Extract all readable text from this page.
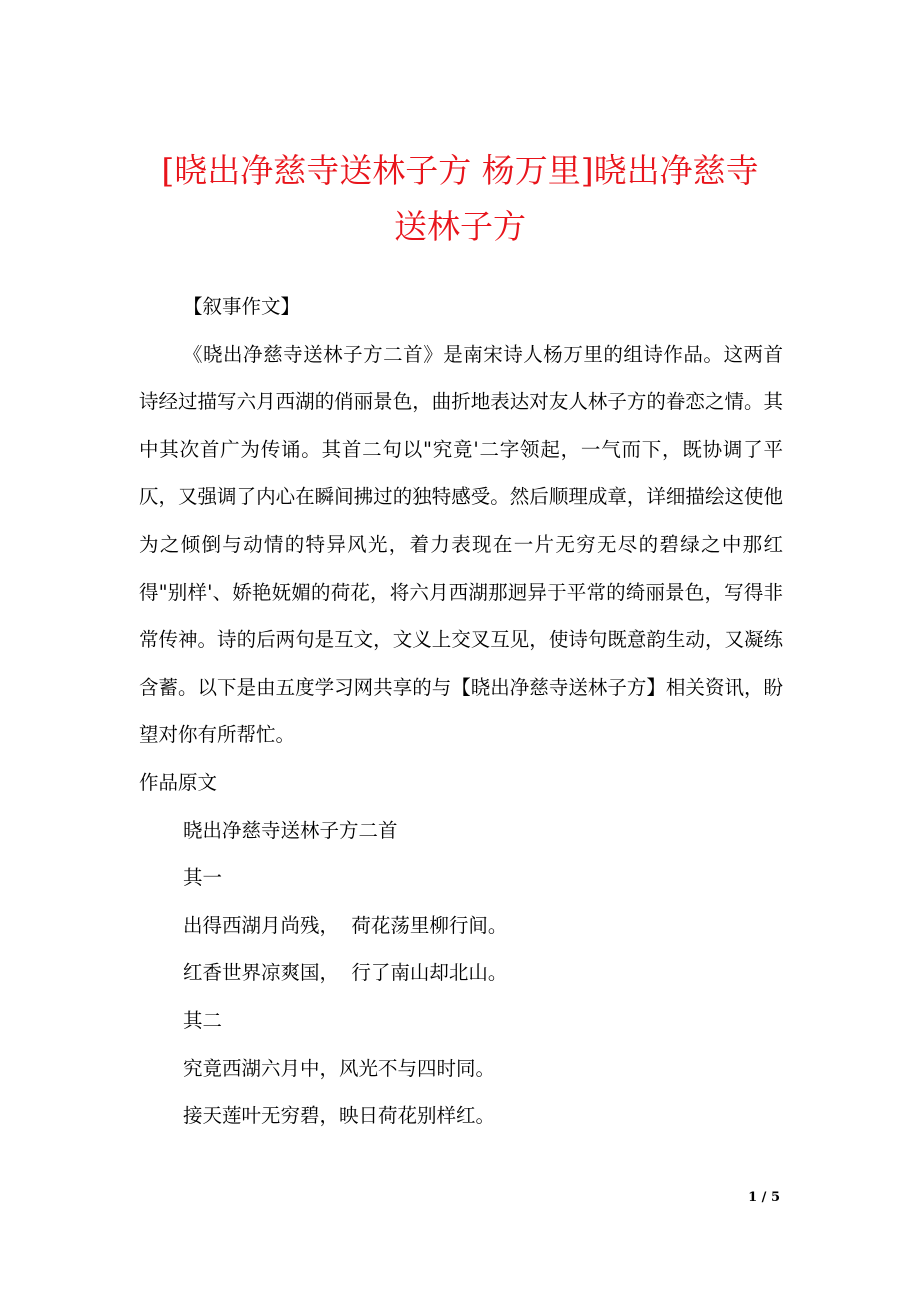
[晓出净慈寺送林子方 杨万里]晓出净慈寺
送林子方

【叙事作文】

《晓出净慈寺送林子方二首》是南宋诗人杨万里的组诗作品。这两首诗经过描写六月西湖的俏丽景色，曲折地表达对友人林子方的眷恋之情。其中其次首广为传诵。其首二句以"究竟'二字领起，一气而下，既协调了平仄，又强调了内心在瞬间拂过的独特感受。然后顺理成章，详细描绘这使他为之倾倒与动情的特异风光，着力表现在一片无穷无尽的碧绿之中那红得"别样'、娇艳妩媚的荷花，将六月西湖那迥异于平常的绮丽景色，写得非常传神。诗的后两句是互文，文义上交叉互见，使诗句既意韵生动，又凝练含蓄。以下是由五度学习网共享的与【晓出净慈寺送林子方】相关资讯，盼望对你有所帮忙。

作品原文

晓出净慈寺送林子方二首

其一

出得西湖月尚残，  荷花荡里柳行间。

红香世界凉爽国，  行了南山却北山。

其二

究竟西湖六月中，风光不与四时同。

接天莲叶无穷碧，映日荷花别样红。

1 / 5
